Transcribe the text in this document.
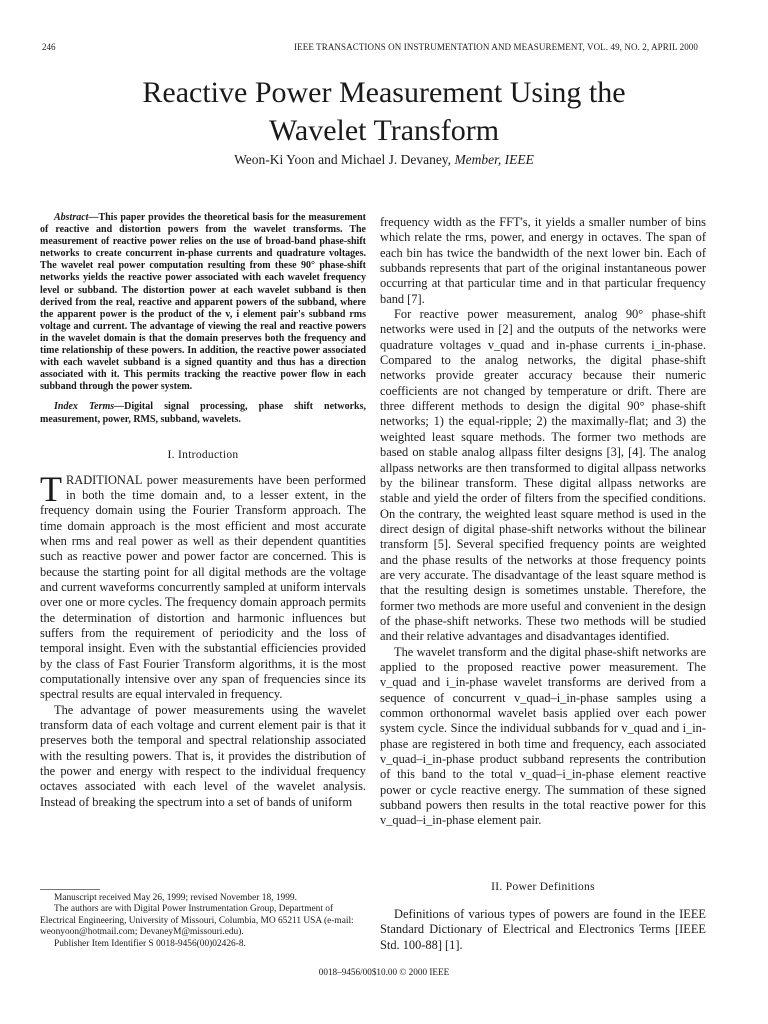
246	IEEE TRANSACTIONS ON INSTRUMENTATION AND MEASUREMENT, VOL. 49, NO. 2, APRIL 2000
Reactive Power Measurement Using the
Wavelet Transform
Weon-Ki Yoon and Michael J. Devaney, Member, IEEE

Abstract—This paper provides the theoretical basis for the measurement of reactive and distortion powers from the wavelet transforms. The measurement of reactive power relies on the use of broad-band phase-shift networks to create concurrent in-phase currents and quadrature voltages. The wavelet real power computation resulting from these 90° phase-shift networks yields the reactive power associated with each wavelet frequency level or subband. The distortion power at each wavelet subband is then derived from the real, reactive and apparent powers of the subband, where the apparent power is the product of the v, i element pair's subband rms voltage and current. The advantage of viewing the real and reactive powers in the wavelet domain is that the domain preserves both the frequency and time relationship of these powers. In addition, the reactive power associated with each wavelet subband is a signed quantity and thus has a direction associated with it. This permits tracking the reactive power flow in each subband through the power system.

Index Terms—Digital signal processing, phase shift networks, measurement, power, RMS, subband, wavelets.

I. Introduction

TRADITIONAL power measurements have been performed in both the time domain and, to a lesser extent, in the frequency domain using the Fourier Transform approach. The time domain approach is the most efficient and most accurate when rms and real power as well as their dependent quantities such as reactive power and power factor are concerned. This is because the starting point for all digital methods are the voltage and current waveforms concurrently sampled at uniform intervals over one or more cycles. The frequency domain approach permits the determination of distortion and harmonic influences but suffers from the requirement of periodicity and the loss of temporal insight. Even with the substantial efficiencies provided by the class of Fast Fourier Transform algorithms, it is the most computationally intensive over any span of frequencies since its spectral results are equal intervaled in frequency.

The advantage of power measurements using the wavelet transform data of each voltage and current element pair is that it preserves both the temporal and spectral relationship associated with the resulting powers. That is, it provides the distribution of the power and energy with respect to the individual frequency octaves associated with each level of the wavelet analysis. Instead of breaking the spectrum into a set of bands of uniform

frequency width as the FFT's, it yields a smaller number of bins which relate the rms, power, and energy in octaves. The span of each bin has twice the bandwidth of the next lower bin. Each of subbands represents that part of the original instantaneous power occurring at that particular time and in that particular frequency band [7].

For reactive power measurement, analog 90° phase-shift networks were used in [2] and the outputs of the networks were quadrature voltages v_quad and in-phase currents i_in-phase. Compared to the analog networks, the digital phase-shift networks provide greater accuracy because their numeric coefficients are not changed by temperature or drift. There are three different methods to design the digital 90° phase-shift networks; 1) the equal-ripple; 2) the maximally-flat; and 3) the weighted least square methods. The former two methods are based on stable analog allpass filter designs [3], [4]. The analog allpass networks are then transformed to digital allpass networks by the bilinear transform. These digital allpass networks are stable and yield the order of filters from the specified conditions. On the contrary, the weighted least square method is used in the direct design of digital phase-shift networks without the bilinear transform [5]. Several specified frequency points are weighted and the phase results of the networks at those frequency points are very accurate. The disadvantage of the least square method is that the resulting design is sometimes unstable. Therefore, the former two methods are more useful and convenient in the design of the phase-shift networks. These two methods will be studied and their relative advantages and disadvantages identified.

The wavelet transform and the digital phase-shift networks are applied to the proposed reactive power measurement. The v_quad and i_in-phase wavelet transforms are derived from a sequence of concurrent v_quad–i_in-phase samples using a common orthonormal wavelet basis applied over each power system cycle. Since the individual subbands for v_quad and i_in-phase are registered in both time and frequency, each associated v_quad–i_in-phase product subband represents the contribution of this band to the total v_quad–i_in-phase element reactive power or cycle reactive energy. The summation of these signed subband powers then results in the total reactive power for this v_quad–i_in-phase element pair.

II. Power Definitions

Definitions of various types of powers are found in the IEEE Standard Dictionary of Electrical and Electronics Terms [IEEE Std. 100-88] [1].

Manuscript received May 26, 1999; revised November 18, 1999.

The authors are with Digital Power Instrumentation Group, Department of Electrical Engineering, University of Missouri, Columbia, MO 65211 USA (e-mail: weonyoon@hotmail.com; DevaneyM@missouri.edu).

Publisher Item Identifier S 0018-9456(00)02426-8.

0018–9456/00$10.00 © 2000 IEEE
